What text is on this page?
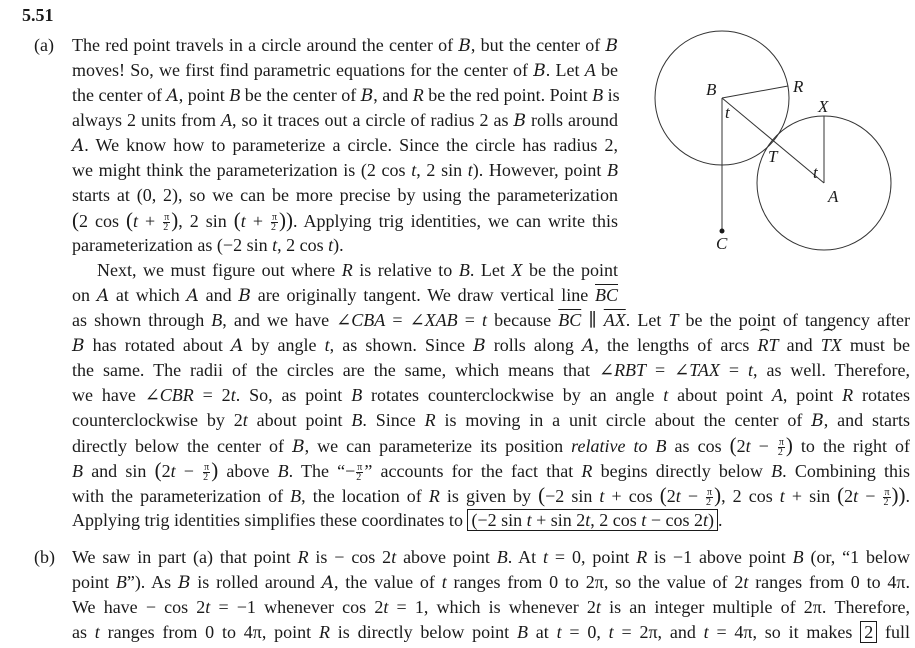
5.51
(a) The red point travels in a circle around the center of B, but the center of B
moves! So, we first find parametric equations for the center of B. Let A be
the center of A, point B be the center of B, and R be the red point. Point B is
always 2 units from A, so it traces out a circle of radius 2 as B rolls around
A. We know how to parameterize a circle. Since the circle has radius 2,
we might think the parameterization is (2 cos t, 2 sin t). However, point B
starts at (0, 2), so we can be more precise by using the parameterization
(2 $\cos (t + \frac{\pi}{2}$ ), 2 $\sin (t + \frac{\pi}{2}$ )). Applying trig identities, we can write this
parameterization as (−2 sin t, 2 cos t).
Next, we must figure out where R is relative to B. Let X be the point
on A at which A and B are originally tangent. We draw vertical line $\overline{BC}$
as shown through B, and we have ∠CBA = ∠XAB = t because $\overline{BC}$ ∥ $\overline{AX}$. Let T be the point of tangency after
B has rotated about A by angle t, as shown. Since B rolls along A, the lengths of arcs ⌢ RT and ⌢ TX must be
the same. The radii of the circles are the same, which means that ∠RBT = ∠TAX = t, as well. Therefore,
we have ∠CBR = 2t. So, as point B rotates counterclockwise by an angle t about point A, point R rotates
counterclockwise by 2t about point B. Since R is moving in a unit circle about the center of B, and starts
directly below the center of B, we can parameterize its position relative to B as $\cos (2t - \frac{\pi}{2}$ ) to the right of
B and $\sin (2t - \frac{\pi}{2}$ ) above B. The “− $\frac{\pi}{2}$ ” accounts for the fact that R begins directly below B. Combining this
with the parameterization of B, the location of R is given by (−2 $\sin t + \cos (2t - \frac{\pi}{2}$ ), 2 $\cos t + \sin (2t - \frac{\pi}{2}$ )).
Applying trig identities simplifies these coordinates to (−2 sin t + sin 2t, 2 cos t − cos 2t) .
(b) We saw in part (a) that point R is − cos 2t above point B. At t = 0, point R is −1 above point B (or, “1 below
point B”). As B is rolled around A, the value of t ranges from 0 to 2π, so the value of 2t ranges from 0 to 4π.
We have − cos 2t = −1 whenever cos 2t = 1, which is whenever 2t is an integer multiple of 2π. Therefore,
as t ranges from 0 to 4π, point R is directly below point B at t = 0, t = 2π, and t = 4π, so it makes 2 full
B	R
X
t
T
t
A
C
